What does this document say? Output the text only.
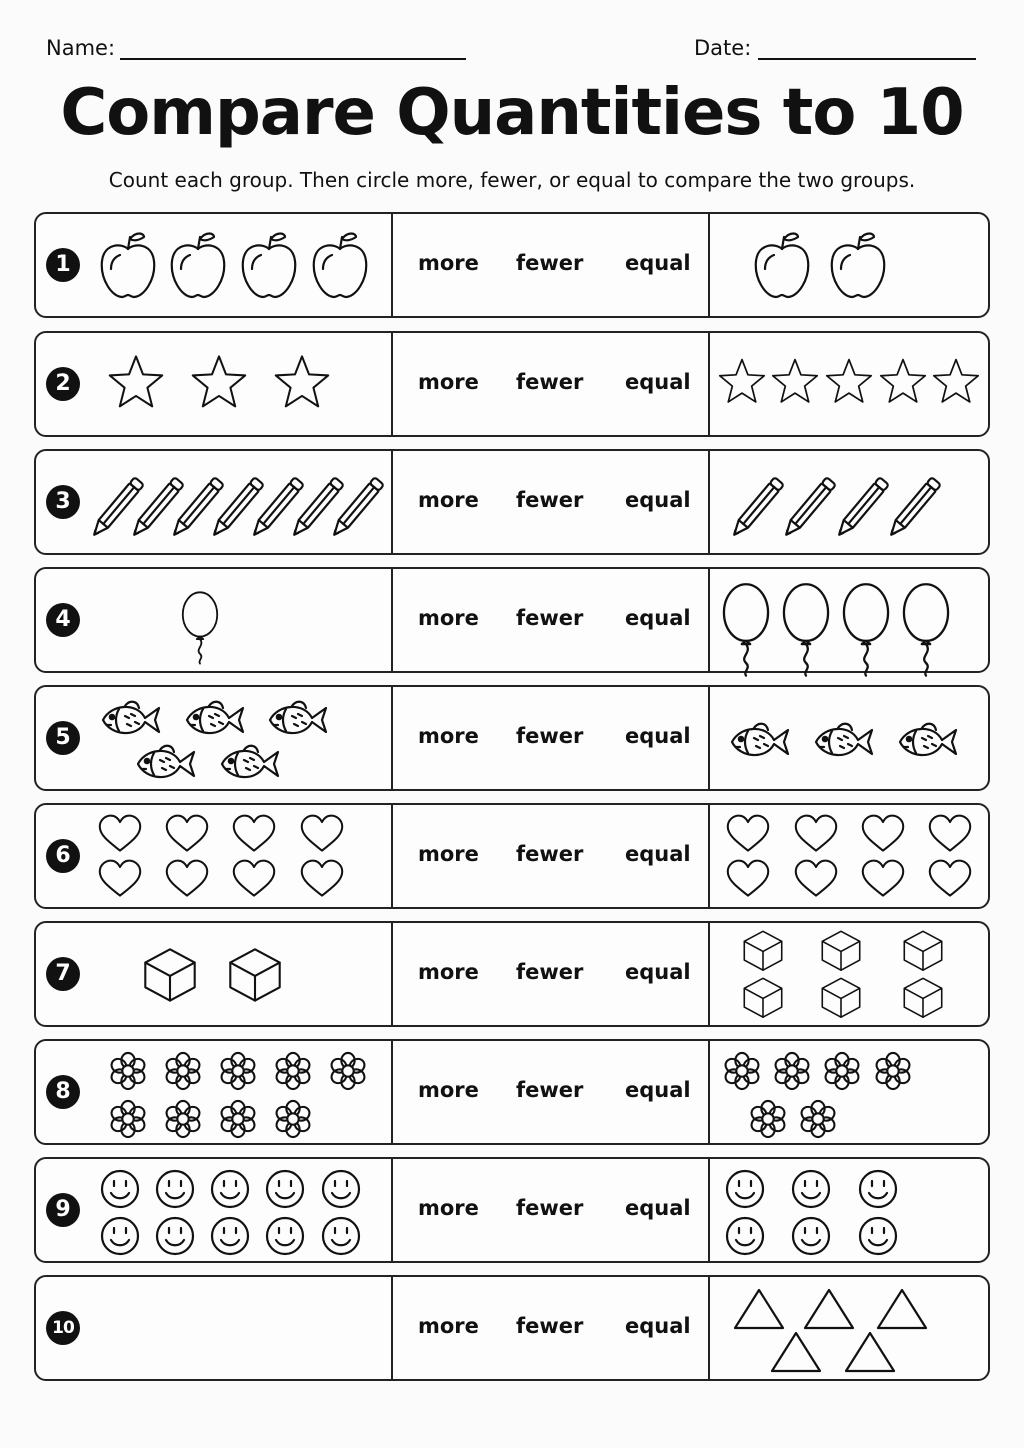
Name:	Date:
Compare Quantities to 10
Count each group. Then circle more, fewer, or equal to compare the two groups.
1	more fewer equal
2	more fewer equal
3	more fewer equal
4	more fewer equal
5	more fewer equal
6	more fewer equal
7	more fewer equal
8	more fewer equal
9	more fewer equal
10	more fewer equal
